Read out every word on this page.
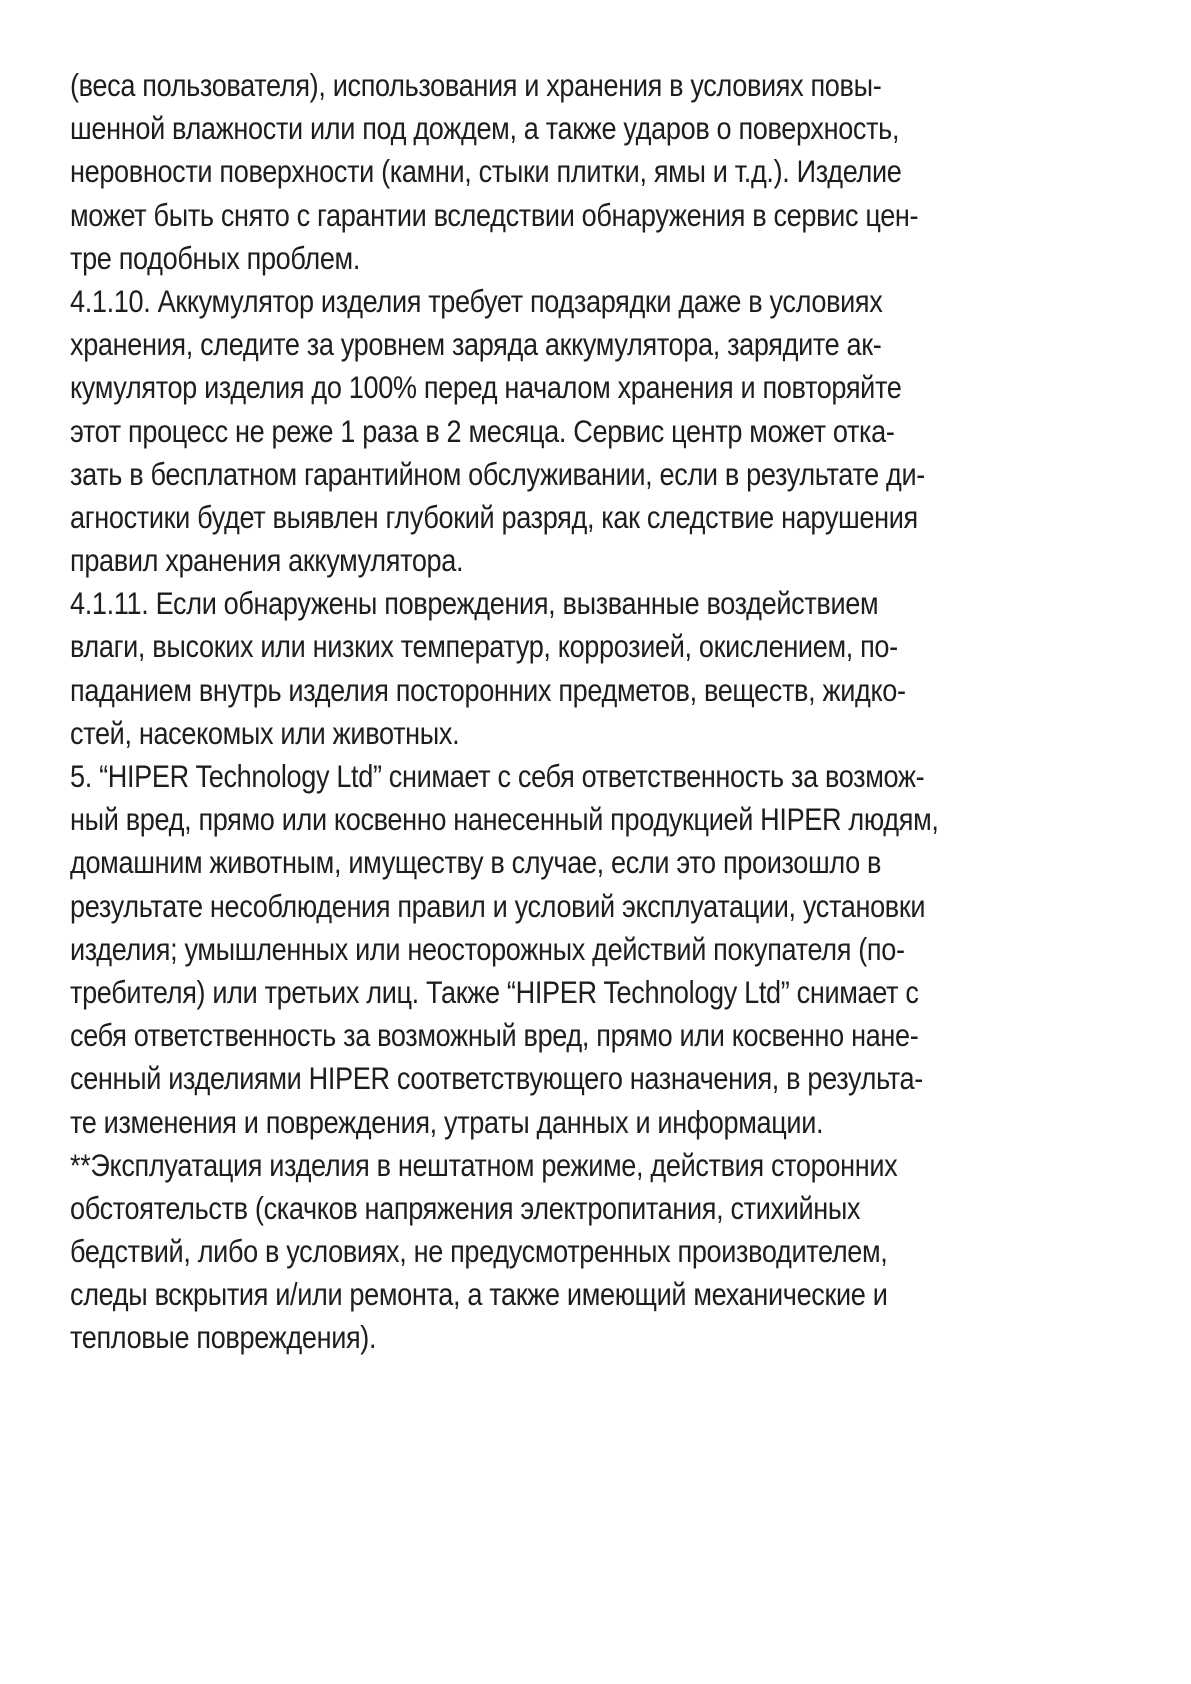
(веса пользователя), использования и хранения в условиях повы-
шенной влажности или под дождем, а также ударов о поверхность,
неровности поверхности (камни, стыки плитки, ямы и т.д.). Изделие
может быть снято с гарантии вследствии обнаружения в сервис цен-
тре подобных проблем.

4.1.10. Аккумулятор изделия требует подзарядки даже в условиях
хранения, следите за уровнем заряда аккумулятора, зарядите ак-
кумулятор изделия до 100% перед началом хранения и повторяйте
этот процесс не реже 1 раза в 2 месяца. Сервис центр может отка-
зать в бесплатном гарантийном обслуживании, если в результате ди-
агностики будет выявлен глубокий разряд, как следствие нарушения
правил хранения аккумулятора.

4.1.11. Если обнаружены повреждения, вызванные воздействием
влаги, высоких или низких температур, коррозией, окислением, по-
паданием внутрь изделия посторонних предметов, веществ, жидко-
стей, насекомых или животных.

5. “HIPER Technology Ltd” снимает с себя ответственность за возмож-
ный вред, прямо или косвенно нанесенный продукцией HIPER людям,
домашним животным, имуществу в случае, если это произошло в
результате несоблюдения правил и условий эксплуатации, установки
изделия; умышленных или неосторожных действий покупателя (по-
требителя) или третьих лиц. Также “HIPER Technology Ltd” снимает с
себя ответственность за возможный вред, прямо или косвенно нане-
сенный изделиями HIPER соответствующего назначения, в результа-
те изменения и повреждения, утраты данных и информации.

**Эксплуатация изделия в нештатном режиме, действия сторонних
обстоятельств (скачков напряжения электропитания, стихийных
бедствий, либо в условиях, не предусмотренных производителем,
следы вскрытия и/или ремонта, а также имеющий механические и
тепловые повреждения).
